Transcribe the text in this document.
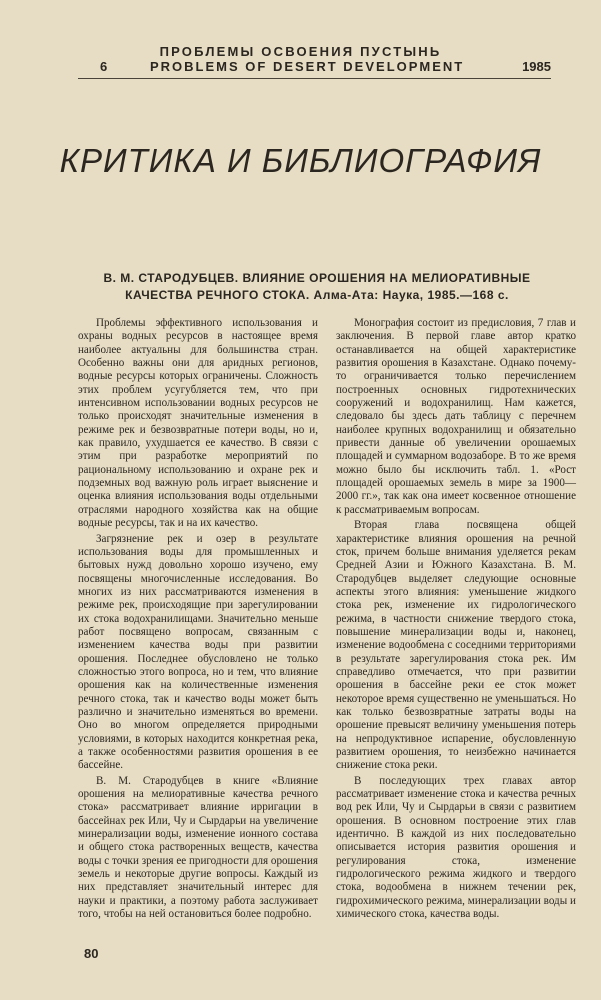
ПРОБЛЕМЫ ОСВОЕНИЯ ПУСТЫНЬ
6	PROBLEMS OF DESERT DEVELOPMENT	1985
КРИТИКА И БИБЛИОГРАФИЯ
В. М. СТАРОДУБЦЕВ. ВЛИЯНИЕ ОРОШЕНИЯ НА МЕЛИОРАТИВНЫЕ КАЧЕСТВА РЕЧНОГО СТОКА. Алма-Ата: Наука, 1985.—168 с.

Проблемы эффективного использования и охраны водных ресурсов в настоящее время наиболее актуальны для большинства стран. Особенно важны они для аридных регионов, водные ресурсы которых ограничены. Сложность этих проблем усугубляется тем, что при интенсивном использовании водных ресурсов не только происходят значительные изменения в режиме рек и безвозвратные потери воды, но и, как правило, ухудшается ее качество. В связи с этим при разработке мероприятий по рациональному использованию и охране рек и подземных вод важную роль играет выяснение и оценка влияния использования воды отдельными отраслями народного хозяйства как на общие водные ресурсы, так и на их качество.

Загрязнение рек и озер в результате использования воды для промышленных и бытовых нужд довольно хорошо изучено, ему посвящены многочисленные исследования. Во многих из них рассматриваются изменения в режиме рек, происходящие при зарегулировании их стока водохранилищами. Значительно меньше работ посвящено вопросам, связанным с изменением качества воды при развитии орошения. Последнее обусловлено не только сложностью этого вопроса, но и тем, что влияние орошения как на количественные изменения речного стока, так и качество воды может быть различно и значительно изменяться во времени. Оно во многом определяется природными условиями, в которых находится конкретная река, а также особенностями развития орошения в ее бассейне.

В. М. Стародубцев в книге «Влияние орошения на мелиоративные качества речного стока» рассматривает влияние ирригации в бассейнах рек Или, Чу и Сырдарьи на увеличение минерализации воды, изменение ионного состава и общего стока растворенных веществ, качества воды с точки зрения ее пригодности для орошения земель и некоторые другие вопросы. Каждый из них представляет значительный интерес для науки и практики, а поэтому работа заслуживает того, чтобы на ней остановиться более подробно.

Монография состоит из предисловия, 7 глав и заключения. В первой главе автор кратко останавливается на общей характеристике развития орошения в Казахстане. Однако почему-то ограничивается только перечислением построенных основных гидротехнических сооружений и водохранилищ. Нам кажется, следовало бы здесь дать таблицу с перечнем наиболее крупных водохранилищ и обязательно привести данные об увеличении орошаемых площадей и суммарном водозаборе. В то же время можно было бы исключить табл. 1. «Рост площадей орошаемых земель в мире за 1900—2000 гг.», так как она имеет косвенное отношение к рассматриваемым вопросам.

Вторая глава посвящена общей характеристике влияния орошения на речной сток, причем больше внимания уделяется рекам Средней Азии и Южного Казахстана. В. М. Стародубцев выделяет следующие основные аспекты этого влияния: уменьшение жидкого стока рек, изменение их гидрологического режима, в частности снижение твердого стока, повышение минерализации воды и, наконец, изменение водообмена с соседними территориями в результате зарегулирования стока рек. Им справедливо отмечается, что при развитии орошения в бассейне реки ее сток может некоторое время существенно не уменьшаться. Но как только безвозвратные затраты воды на орошение превысят величину уменьшения потерь на непродуктивное испарение, обусловленную развитием орошения, то неизбежно начинается снижение стока реки.

В последующих трех главах автор рассматривает изменение стока и качества речных вод рек Или, Чу и Сырдарьи в связи с развитием орошения. В основном построение этих глав идентично. В каждой из них последовательно описывается история развития орошения и регулирования стока, изменение гидрологического режима жидкого и твердого стока, водообмена в нижнем течении рек, гидрохимического режима, минерализации воды и химического стока, качества воды.

80
